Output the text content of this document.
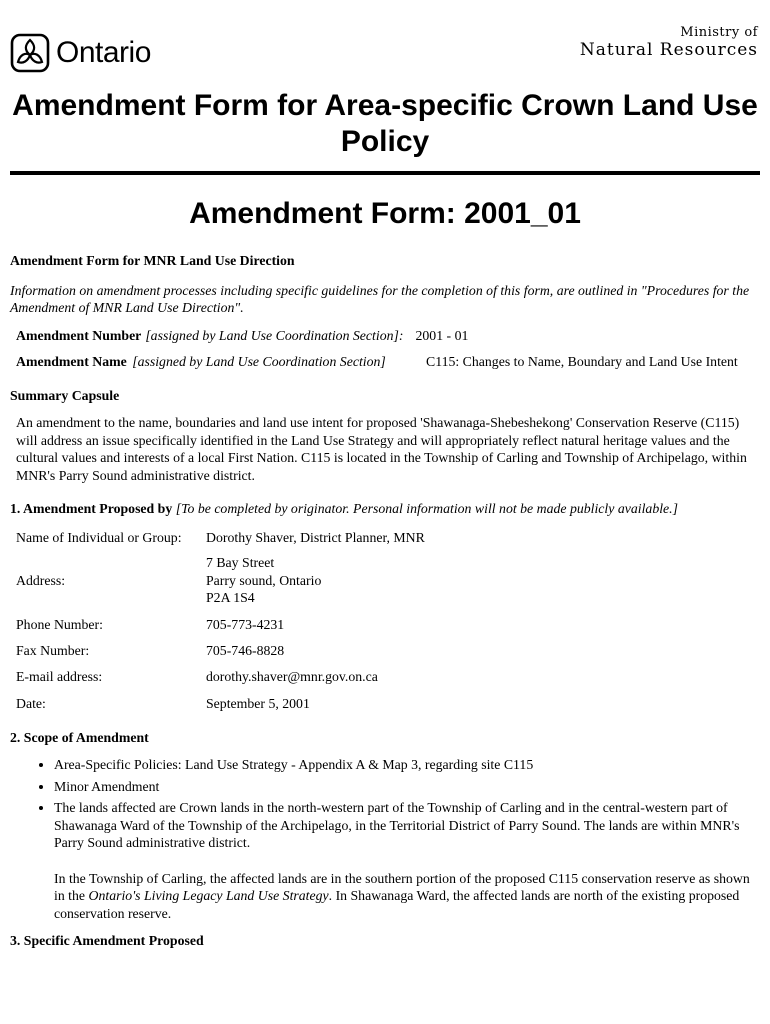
Ontario
Ministry of
Natural Resources
Amendment Form for Area-specific Crown Land Use Policy
Amendment Form: 2001_01

Amendment Form for MNR Land Use Direction

Information on amendment processes including specific guidelines for the completion of this form, are outlined in "Procedures for the Amendment of MNR Land Use Direction".

Amendment Number [assigned by Land Use Coordination Section]: 2001 - 01
Amendment Name [assigned by Land Use Coordination Section]	C115: Changes to Name, Boundary and Land Use Intent

Summary Capsule

An amendment to the name, boundaries and land use intent for proposed 'Shawanaga-Shebeshekong' Conservation Reserve (C115) will address an issue specifically identified in the Land Use Strategy and will appropriately reflect natural heritage values and the cultural values and interests of a local First Nation. C115 is located in the Township of Carling and Township of Archipelago, within MNR's Parry Sound administrative district.

1. Amendment Proposed by [To be completed by originator. Personal information will not be made publicly available.]

Name of Individual or Group:	Dorothy Shaver, District Planner, MNR
Address:	7 Bay Street
Parry sound, Ontario
P2A 1S4

Phone Number:	705-773-4231
Fax Number:	705-746-8828
E-mail address:	dorothy.shaver@mnr.gov.on.ca
Date:	September 5, 2001

2. Scope of Amendment

• Area-Specific Policies: Land Use Strategy - Appendix A & Map 3, regarding site C115
• Minor Amendment
• The lands affected are Crown lands in the north-western part of the Township of Carling and in the central-western part of Shawanaga Ward of the Township of the Archipelago, in the Territorial District of Parry Sound. The lands are within MNR's Parry Sound administrative district.

In the Township of Carling, the affected lands are in the southern portion of the proposed C115 conservation reserve as shown in the Ontario's Living Legacy Land Use Strategy. In Shawanaga Ward, the affected lands are north of the existing proposed conservation reserve.

3. Specific Amendment Proposed
